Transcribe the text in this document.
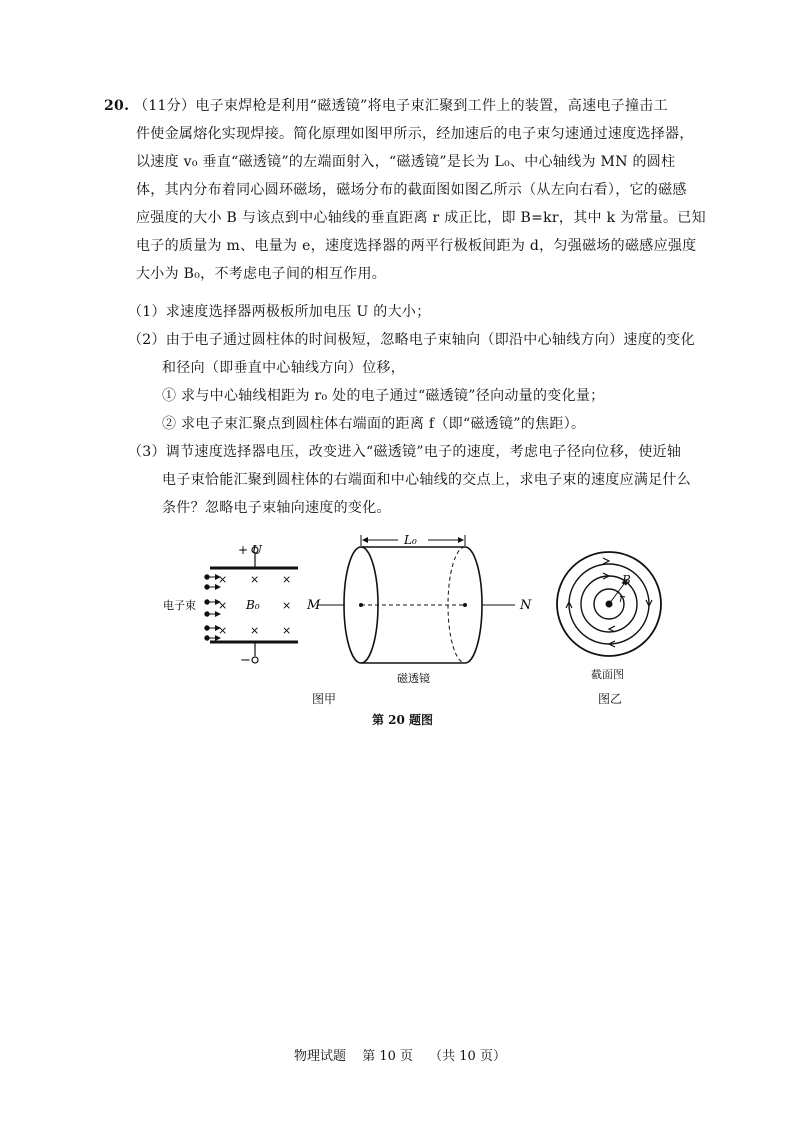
20. （11分）电子束焊枪是利用“磁透镜”将电子束汇聚到工件上的装置，高速电子撞击工
件使金属熔化实现焊接。简化原理如图甲所示，经加速后的电子束匀速通过速度选择器，
以速度 v₀ 垂直“磁透镜”的左端面射入，“磁透镜”是长为 L₀、中心轴线为 MN 的圆柱
体，其内分布着同心圆环磁场，磁场分布的截面图如图乙所示（从左向右看），它的磁感
应强度的大小 B 与该点到中心轴线的垂直距离 r 成正比，即 B=kr，其中 k 为常量。已知
电子的质量为 m、电量为 e，速度选择器的两平行极板间距为 d，匀强磁场的磁感应强度
大小为 B₀，不考虑电子间的相互作用。
（1）求速度选择器两极板所加电压 U 的大小；
（2）由于电子通过圆柱体的时间极短，忽略电子束轴向（即沿中心轴线方向）速度的变化
和径向（即垂直中心轴线方向）位移，
① 求与中心轴线相距为 r₀ 处的电子通过“磁透镜”径向动量的变化量；
② 求电子束汇聚点到圆柱体右端面的距离 f（即“磁透镜”的焦距）。
（3）调节速度选择器电压，改变进入“磁透镜”电子的速度，考虑电子径向位移，使近轴
电子束恰能汇聚到圆柱体的右端面和中心轴线的交点上，求电子束的速度应满足什么
条件？忽略电子束轴向速度的变化。
+ U
−
× × ×
× B₀ ×
× × ×
电子束	M	N
L₀
磁透镜
B
r
截面图
图甲	图乙
第 20 题图
物理试题 第 10 页 （共 10 页）
